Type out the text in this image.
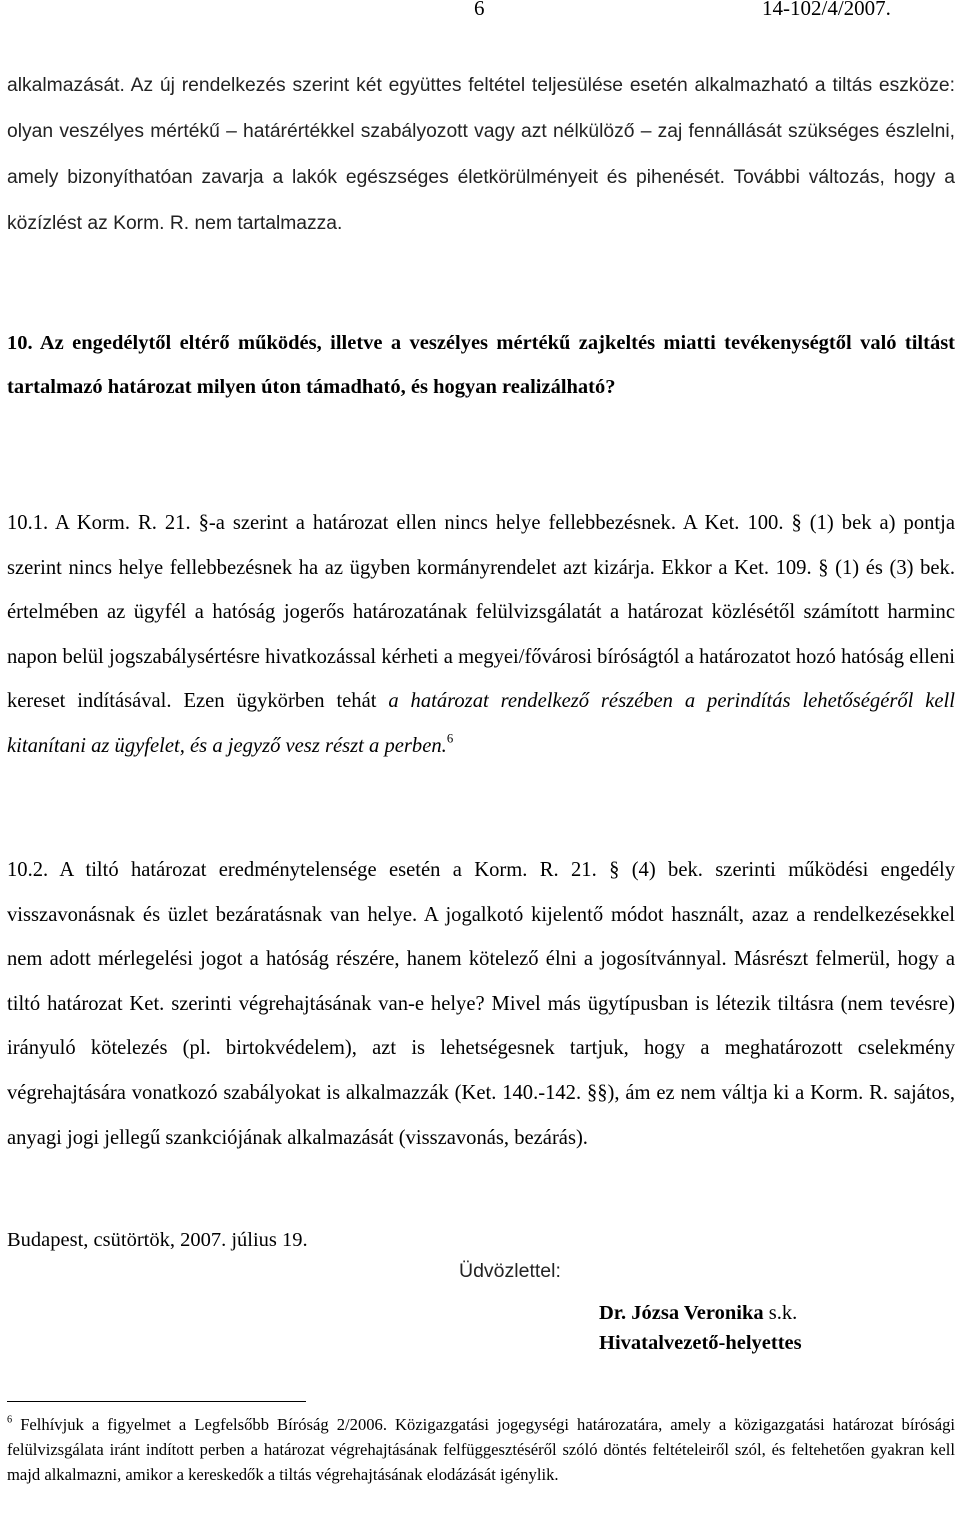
6	14-102/4/2007.
alkalmazását. Az új rendelkezés szerint két együttes feltétel teljesülése esetén alkalmazható a tiltás eszköze: olyan veszélyes mértékű – határértékkel szabályozott vagy azt nélkülöző – zaj fennállását szükséges észlelni, amely bizonyíthatóan zavarja a lakók egészséges életkörülményeit és pihenését. További változás, hogy a közízlést az Korm. R. nem tartalmazza.
10. Az engedélytől eltérő működés, illetve a veszélyes mértékű zajkeltés miatti tevékenységtől való tiltást tartalmazó határozat milyen úton támadható, és hogyan realizálható?
10.1. A Korm. R. 21. §-a szerint a határozat ellen nincs helye fellebbezésnek. A Ket. 100. § (1) bek a) pontja szerint nincs helye fellebbezésnek ha az ügyben kormányrendelet azt kizárja. Ekkor a Ket. 109. § (1) és (3) bek. értelmében az ügyfél a hatóság jogerős határozatának felülvizsgálatát a határozat közlésétől számított harminc napon belül jogszabálysértésre hivatkozással kérheti a megyei/fővárosi bíróságtól a határozatot hozó hatóság elleni kereset indításával. Ezen ügykörben tehát a határozat rendelkező részében a perindítás lehetőségéről kell kitanítani az ügyfelet, és a jegyző vesz részt a perben.$^6$
10.2. A tiltó határozat eredménytelensége esetén a Korm. R. 21. § (4) bek. szerinti működési engedély visszavonásnak és üzlet bezáratásnak van helye. A jogalkotó kijelentő módot használt, azaz a rendelkezésekkel nem adott mérlegelési jogot a hatóság részére, hanem kötelező élni a jogosítvánnyal. Másrészt felmerül, hogy a tiltó határozat Ket. szerinti végrehajtásának van-e helye? Mivel más ügytípusban is létezik tiltásra (nem tevésre) irányuló kötelezés (pl. birtokvédelem), azt is lehetségesnek tartjuk, hogy a meghatározott cselekmény végrehajtására vonatkozó szabályokat is alkalmazzák (Ket. 140.-142. §§), ám ez nem váltja ki a Korm. R. sajátos, anyagi jogi jellegű szankciójának alkalmazását (visszavonás, bezárás).
Budapest, csütörtök, 2007. július 19.
Üdvözlettel:
Dr. Józsa Veronika s.k.
Hivatalvezető-helyettes
$^6$ Felhívjuk a figyelmet a Legfelsőbb Bíróság 2/2006. Közigazgatási jogegységi határozatára, amely a közigazgatási határozat bírósági felülvizsgálata iránt indított perben a határozat végrehajtásának felfüggesztéséről szóló döntés feltételeiről szól, és feltehetően gyakran kell majd alkalmazni, amikor a kereskedők a tiltás végrehajtásának elodázását igénylik.
